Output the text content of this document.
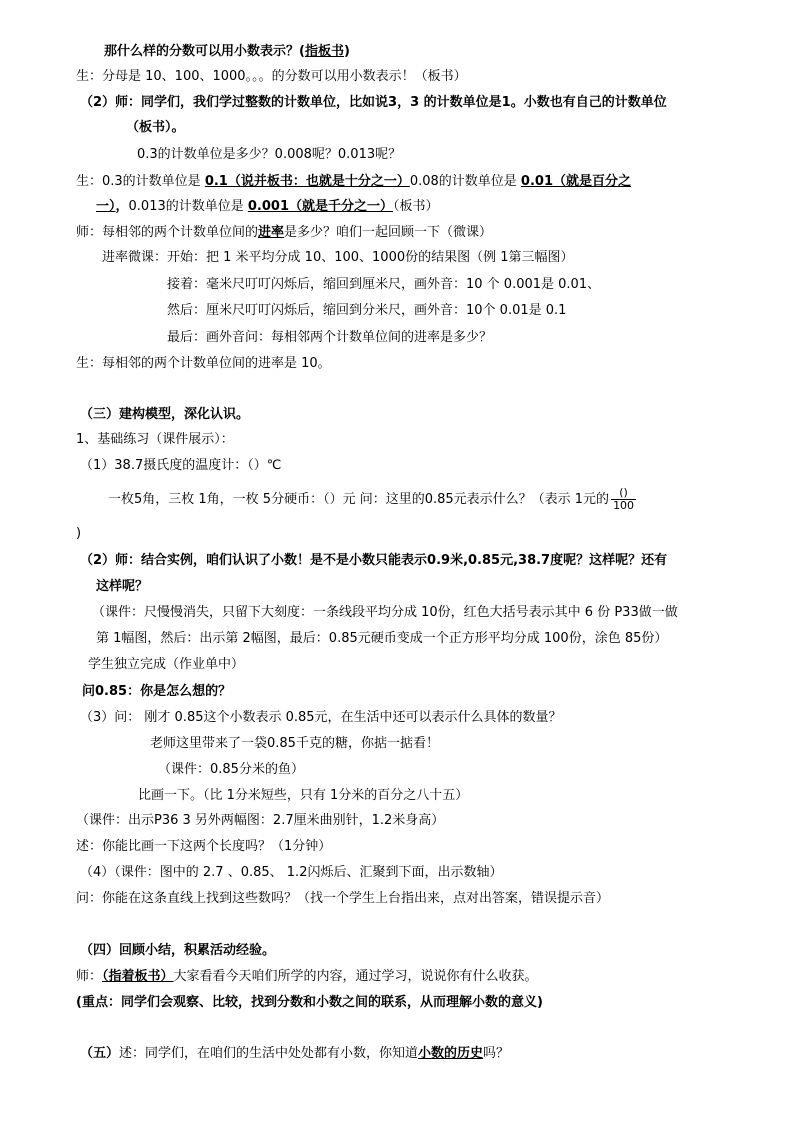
那什么样的分数可以用小数表示？(指板书)
生：分母是 10、100、1000。。。的分数可以用小数表示！（板书）
（2）师：同学们，我们学过整数的计数单位，比如说3，3 的计数单位是1。小数也有自己的计数单位
（板书）。
0.3的计数单位是多少？0.008呢？0.013呢？
生：0.3的计数单位是 0.1（说并板书：也就是十分之一）0.08的计数单位是 0.01（就是百分之
一），0.013的计数单位是 0.001（就是千分之一）（板书）
师：每相邻的两个计数单位间的进率是多少？咱们一起回顾一下（微课）
进率微课：开始：把 1 米平均分成 10、100、1000份的结果图（例 1第三幅图）
接着：毫米尺叮叮闪烁后，缩回到厘米尺，画外音：10 个 0.001是 0.01、
然后：厘米尺叮叮闪烁后，缩回到分米尺，画外音：10个 0.01是 0.1
最后：画外音问：每相邻两个计数单位间的进率是多少？
生：每相邻的两个计数单位间的进率是 10。
（三）建构模型，深化认识。
1、基础练习（课件展示）：
（1）38.7摄氏度的温度计：（）℃
一枚5角，三枚 1角，一枚 5分硬币：（）元 问：这里的0.85元表示什么？（表示 1元的 $\frac{()}{100}$
)
（2）师：结合实例，咱们认识了小数！是不是小数只能表示0.9米,0.85元,38.7度呢？这样呢？还有
这样呢？
（课件：尺慢慢消失，只留下大刻度：一条线段平均分成 10份，红色大括号表示其中 6 份 P33做一做
第 1幅图，然后：出示第 2幅图，最后：0.85元硬币变成一个正方形平均分成 100份，涂色 85份）
学生独立完成（作业单中）
问0.85：你是怎么想的？
（3）问： 刚才 0.85这个小数表示 0.85元，在生活中还可以表示什么具体的数量？
老师这里带来了一袋0.85千克的糖，你掂一掂看！
（课件：0.85分米的鱼）
比画一下。（比 1分米短些，只有 1分米的百分之八十五）
（课件：出示P36 3 另外两幅图：2.7厘米曲别针，1.2米身高）
述：你能比画一下这两个长度吗？（1分钟）
（4）（课件：图中的 2.7 、0.85、 1.2闪烁后、汇聚到下面，出示数轴）
问：你能在这条直线上找到这些数吗？（找一个学生上台指出来，点对出答案，错误提示音）
（四）回顾小结，积累活动经验。
师：（指着板书）大家看看今天咱们所学的内容，通过学习，说说你有什么收获。
(重点：同学们会观察、比较，找到分数和小数之间的联系，从而理解小数的意义)
（五）述：同学们，在咱们的生活中处处都有小数，你知道小数的历史吗？
